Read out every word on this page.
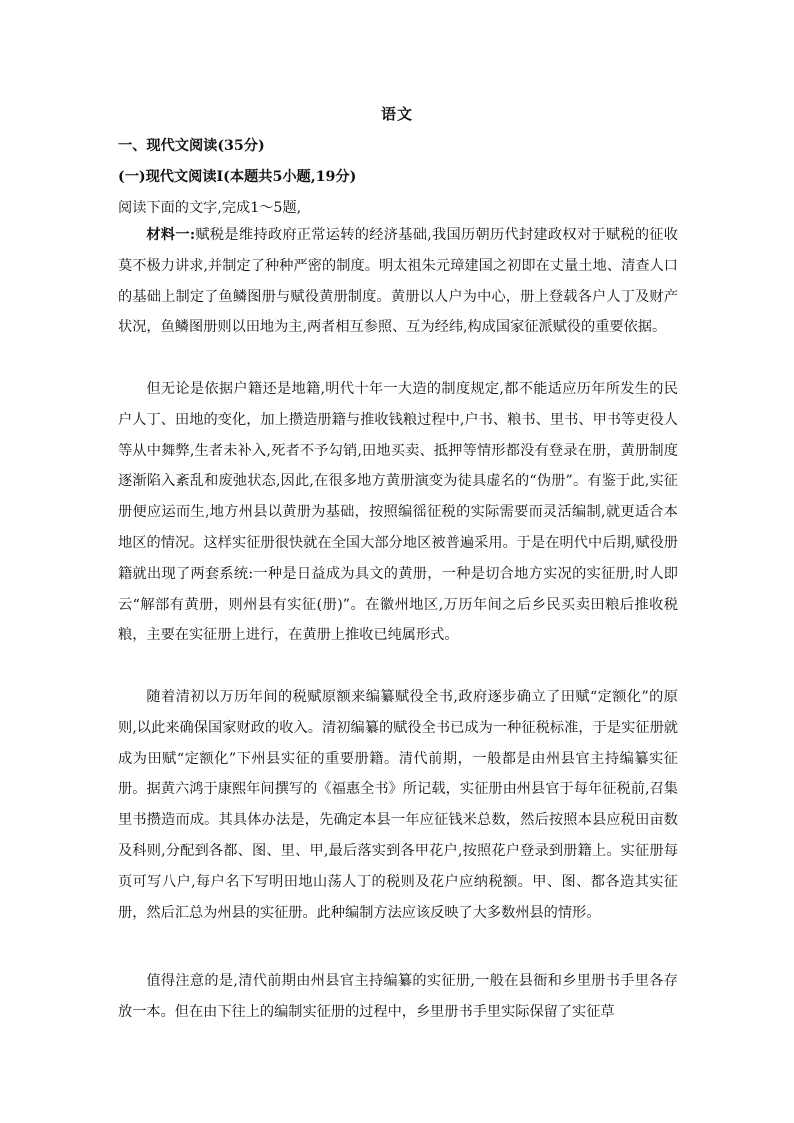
语文
一、现代文阅读(35分)
(一)现代文阅读Ⅰ(本题共5小题,19分)
阅读下面的文字,完成1～5题,

材料一:赋税是维持政府正常运转的经济基础,我国历朝历代封建政权对于赋税的征收莫不极力讲求,并制定了种种严密的制度。明太祖朱元璋建国之初即在丈量土地、清查人口的基础上制定了鱼鳞图册与赋役黄册制度。黄册以人户为中心，册上登载各户人丁及财产状况，鱼鳞图册则以田地为主,两者相互参照、互为经纬,构成国家征派赋役的重要依据。

但无论是依据户籍还是地籍,明代十年一大造的制度规定,都不能适应历年所发生的民户人丁、田地的变化，加上攒造册籍与推收钱粮过程中,户书、粮书、里书、甲书等吏役人等从中舞弊,生者未补入,死者不予勾销,田地买卖、抵押等情形都没有登录在册，黄册制度逐渐陷入紊乱和废弛状态,因此,在很多地方黄册演变为徒具虚名的“伪册”。有鉴于此,实征册便应运而生,地方州县以黄册为基础，按照编徭征税的实际需要而灵活编制,就更适合本地区的情况。这样实征册很快就在全国大部分地区被普遍采用。于是在明代中后期,赋役册籍就出现了两套系统:一种是日益成为具文的黄册，一种是切合地方实况的实征册,时人即云“解部有黄册，则州县有实征(册)”。在徽州地区,万历年间之后乡民买卖田粮后推收税粮，主要在实征册上进行，在黄册上推收已纯属形式。

随着清初以万历年间的税赋原额来编纂赋役全书,政府逐步确立了田赋“定额化”的原则,以此来确保国家财政的收入。清初编纂的赋役全书已成为一种征税标准，于是实征册就成为田赋“定额化”下州县实征的重要册籍。清代前期，一般都是由州县官主持编纂实征册。据黄六鸿于康熙年间撰写的《福惠全书》所记载，实征册由州县官于每年征税前,召集里书攒造而成。其具体办法是，先确定本县一年应征钱米总数，然后按照本县应税田亩数及科则,分配到各都、图、里、甲,最后落实到各甲花户,按照花户登录到册籍上。实征册每页可写八户,每户名下写明田地山荡人丁的税则及花户应纳税额。甲、图、都各造其实征册，然后汇总为州县的实征册。此种编制方法应该反映了大多数州县的情形。

值得注意的是,清代前期由州县官主持编纂的实征册,一般在县衙和乡里册书手里各存放一本。但在由下往上的编制实征册的过程中，乡里册书手里实际保留了实征草
